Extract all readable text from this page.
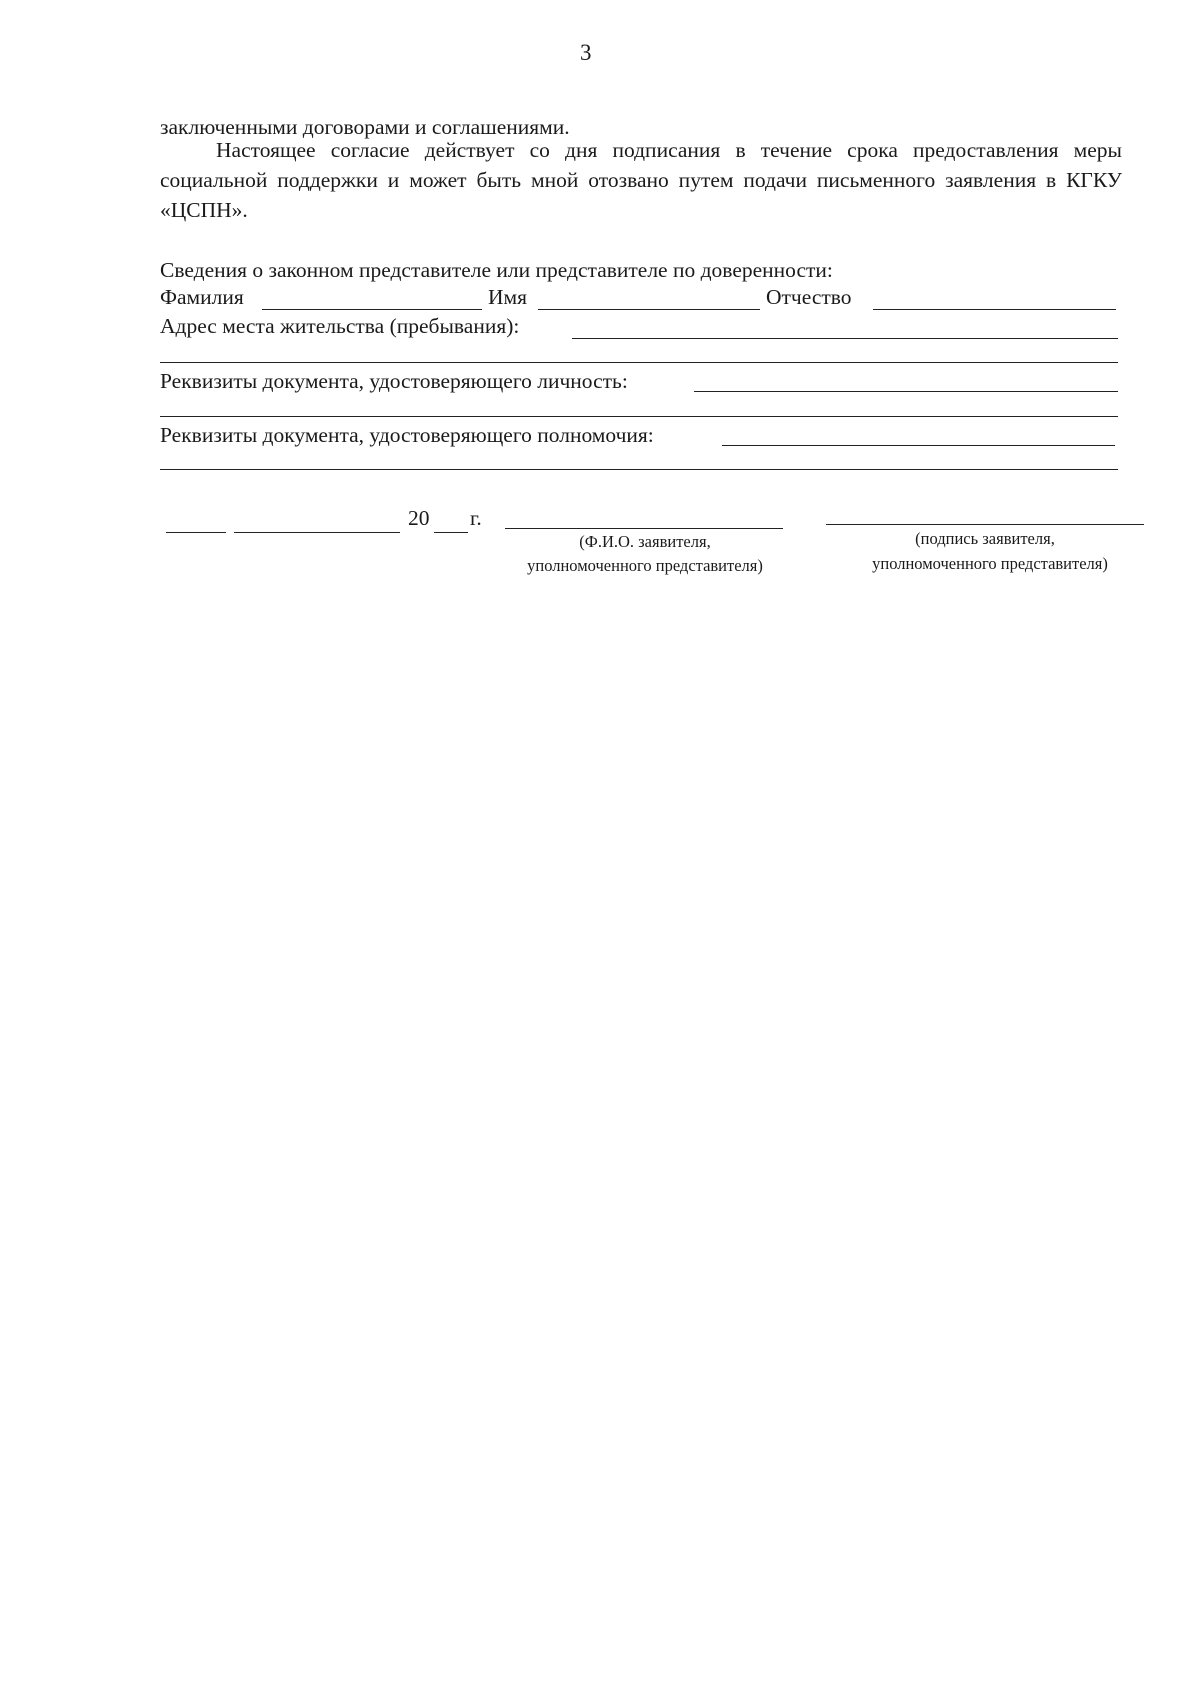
3
заключенными договорами и соглашениями.
Настоящее согласие действует со дня подписания в течение срока предоставления меры социальной поддержки и может быть мной отозвано путем подачи письменного заявления в КГКУ «ЦСПН».
Сведения о законном представителе или представителе по доверенности:
Фамилия	Имя	Отчество
Адрес места жительства (пребывания):
Реквизиты документа, удостоверяющего личность:
Реквизиты документа, удостоверяющего полномочия:
20 г.
(Ф.И.О. заявителя,
уполномоченного представителя)
(подпись заявителя,
уполномоченного представителя)
